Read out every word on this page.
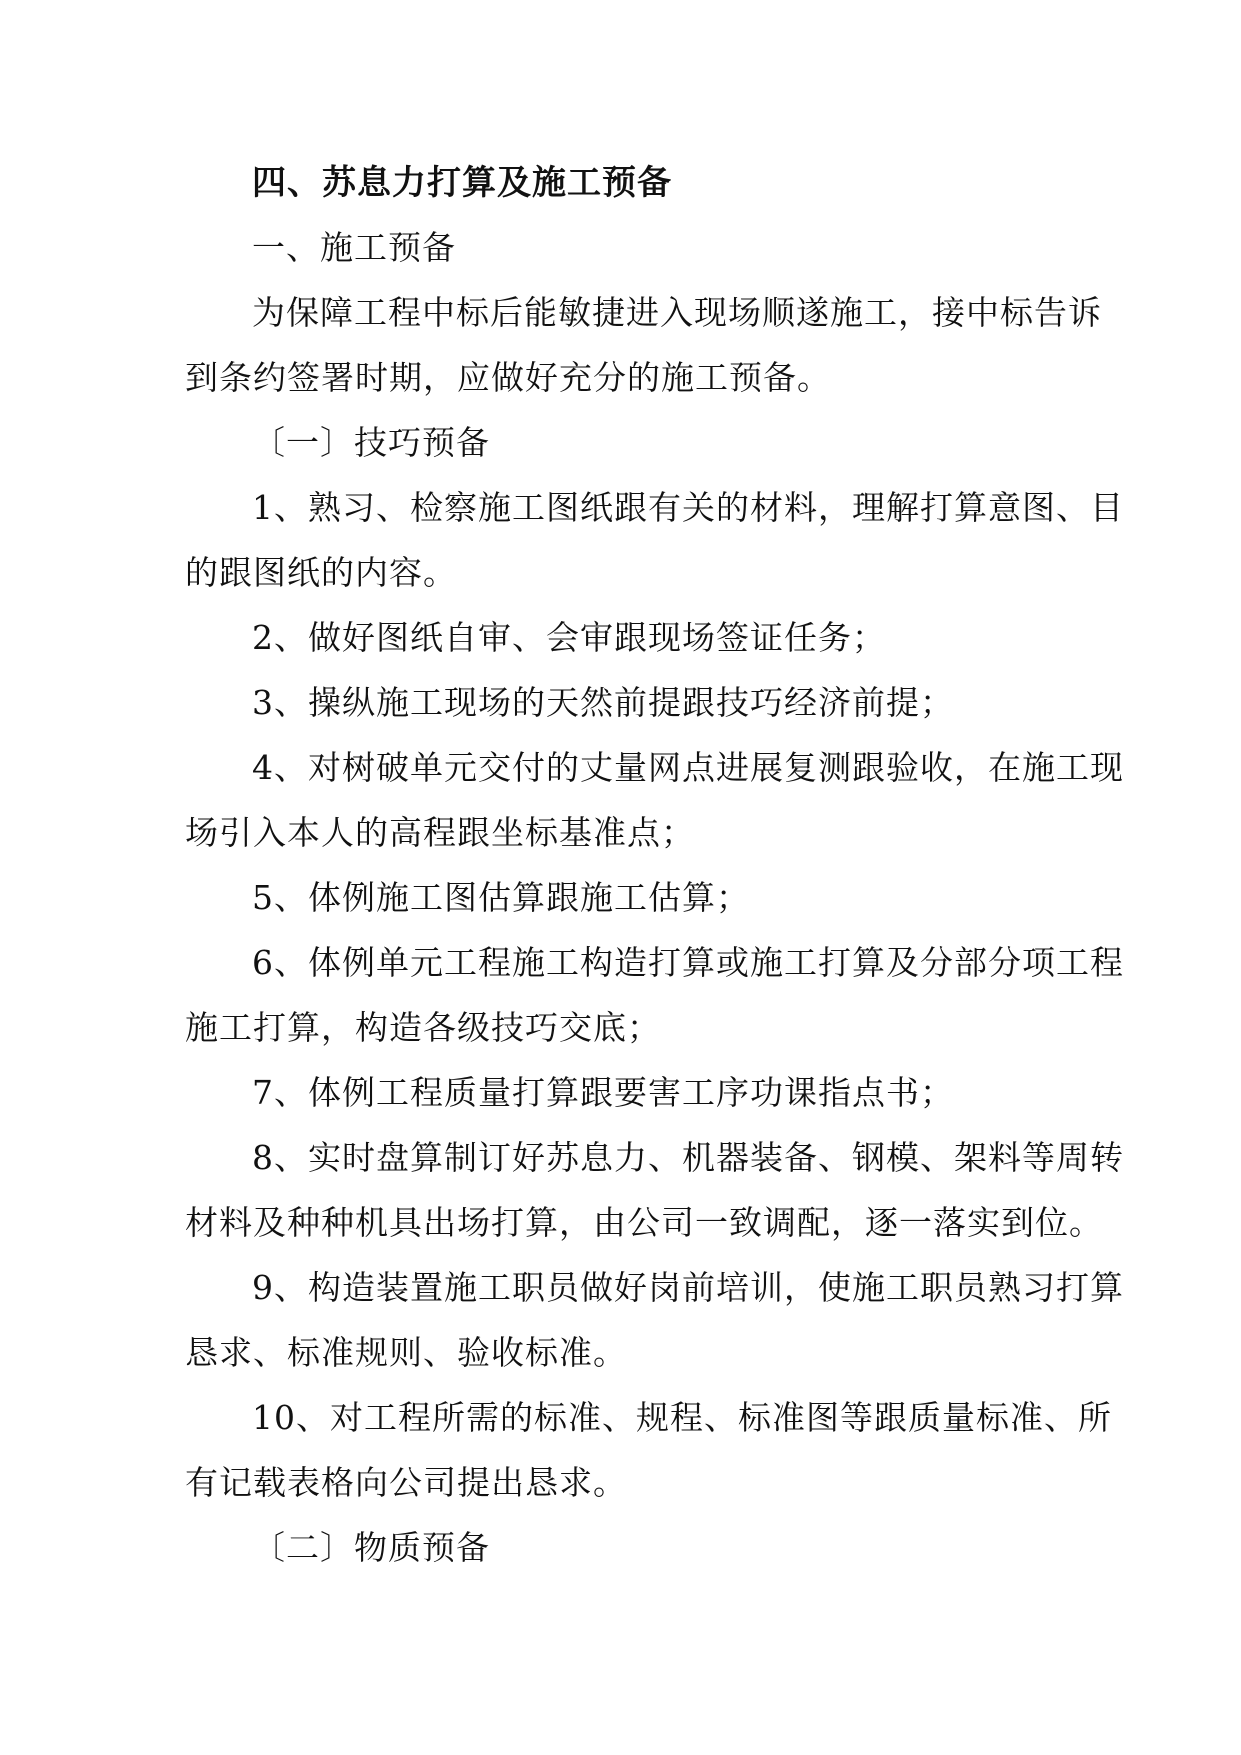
四、苏息力打算及施工预备
一、施工预备
为保障工程中标后能敏捷进入现场顺遂施工，接中标告诉
到条约签署时期，应做好充分的施工预备。
〔一〕技巧预备
1、熟习、检察施工图纸跟有关的材料，理解打算意图、目
的跟图纸的内容。
2、做好图纸自审、会审跟现场签证任务；
3、操纵施工现场的天然前提跟技巧经济前提；
4、对树破单元交付的丈量网点进展复测跟验收，在施工现
场引入本人的高程跟坐标基准点；
5、体例施工图估算跟施工估算；
6、体例单元工程施工构造打算或施工打算及分部分项工程
施工打算，构造各级技巧交底；
7、体例工程质量打算跟要害工序功课指点书；
8、实时盘算制订好苏息力、机器装备、钢模、架料等周转
材料及种种机具出场打算，由公司一致调配，逐一落实到位。
9、构造装置施工职员做好岗前培训，使施工职员熟习打算
恳求、标准规则、验收标准。
10、对工程所需的标准、规程、标准图等跟质量标准、所
有记载表格向公司提出恳求。
〔二〕物质预备
